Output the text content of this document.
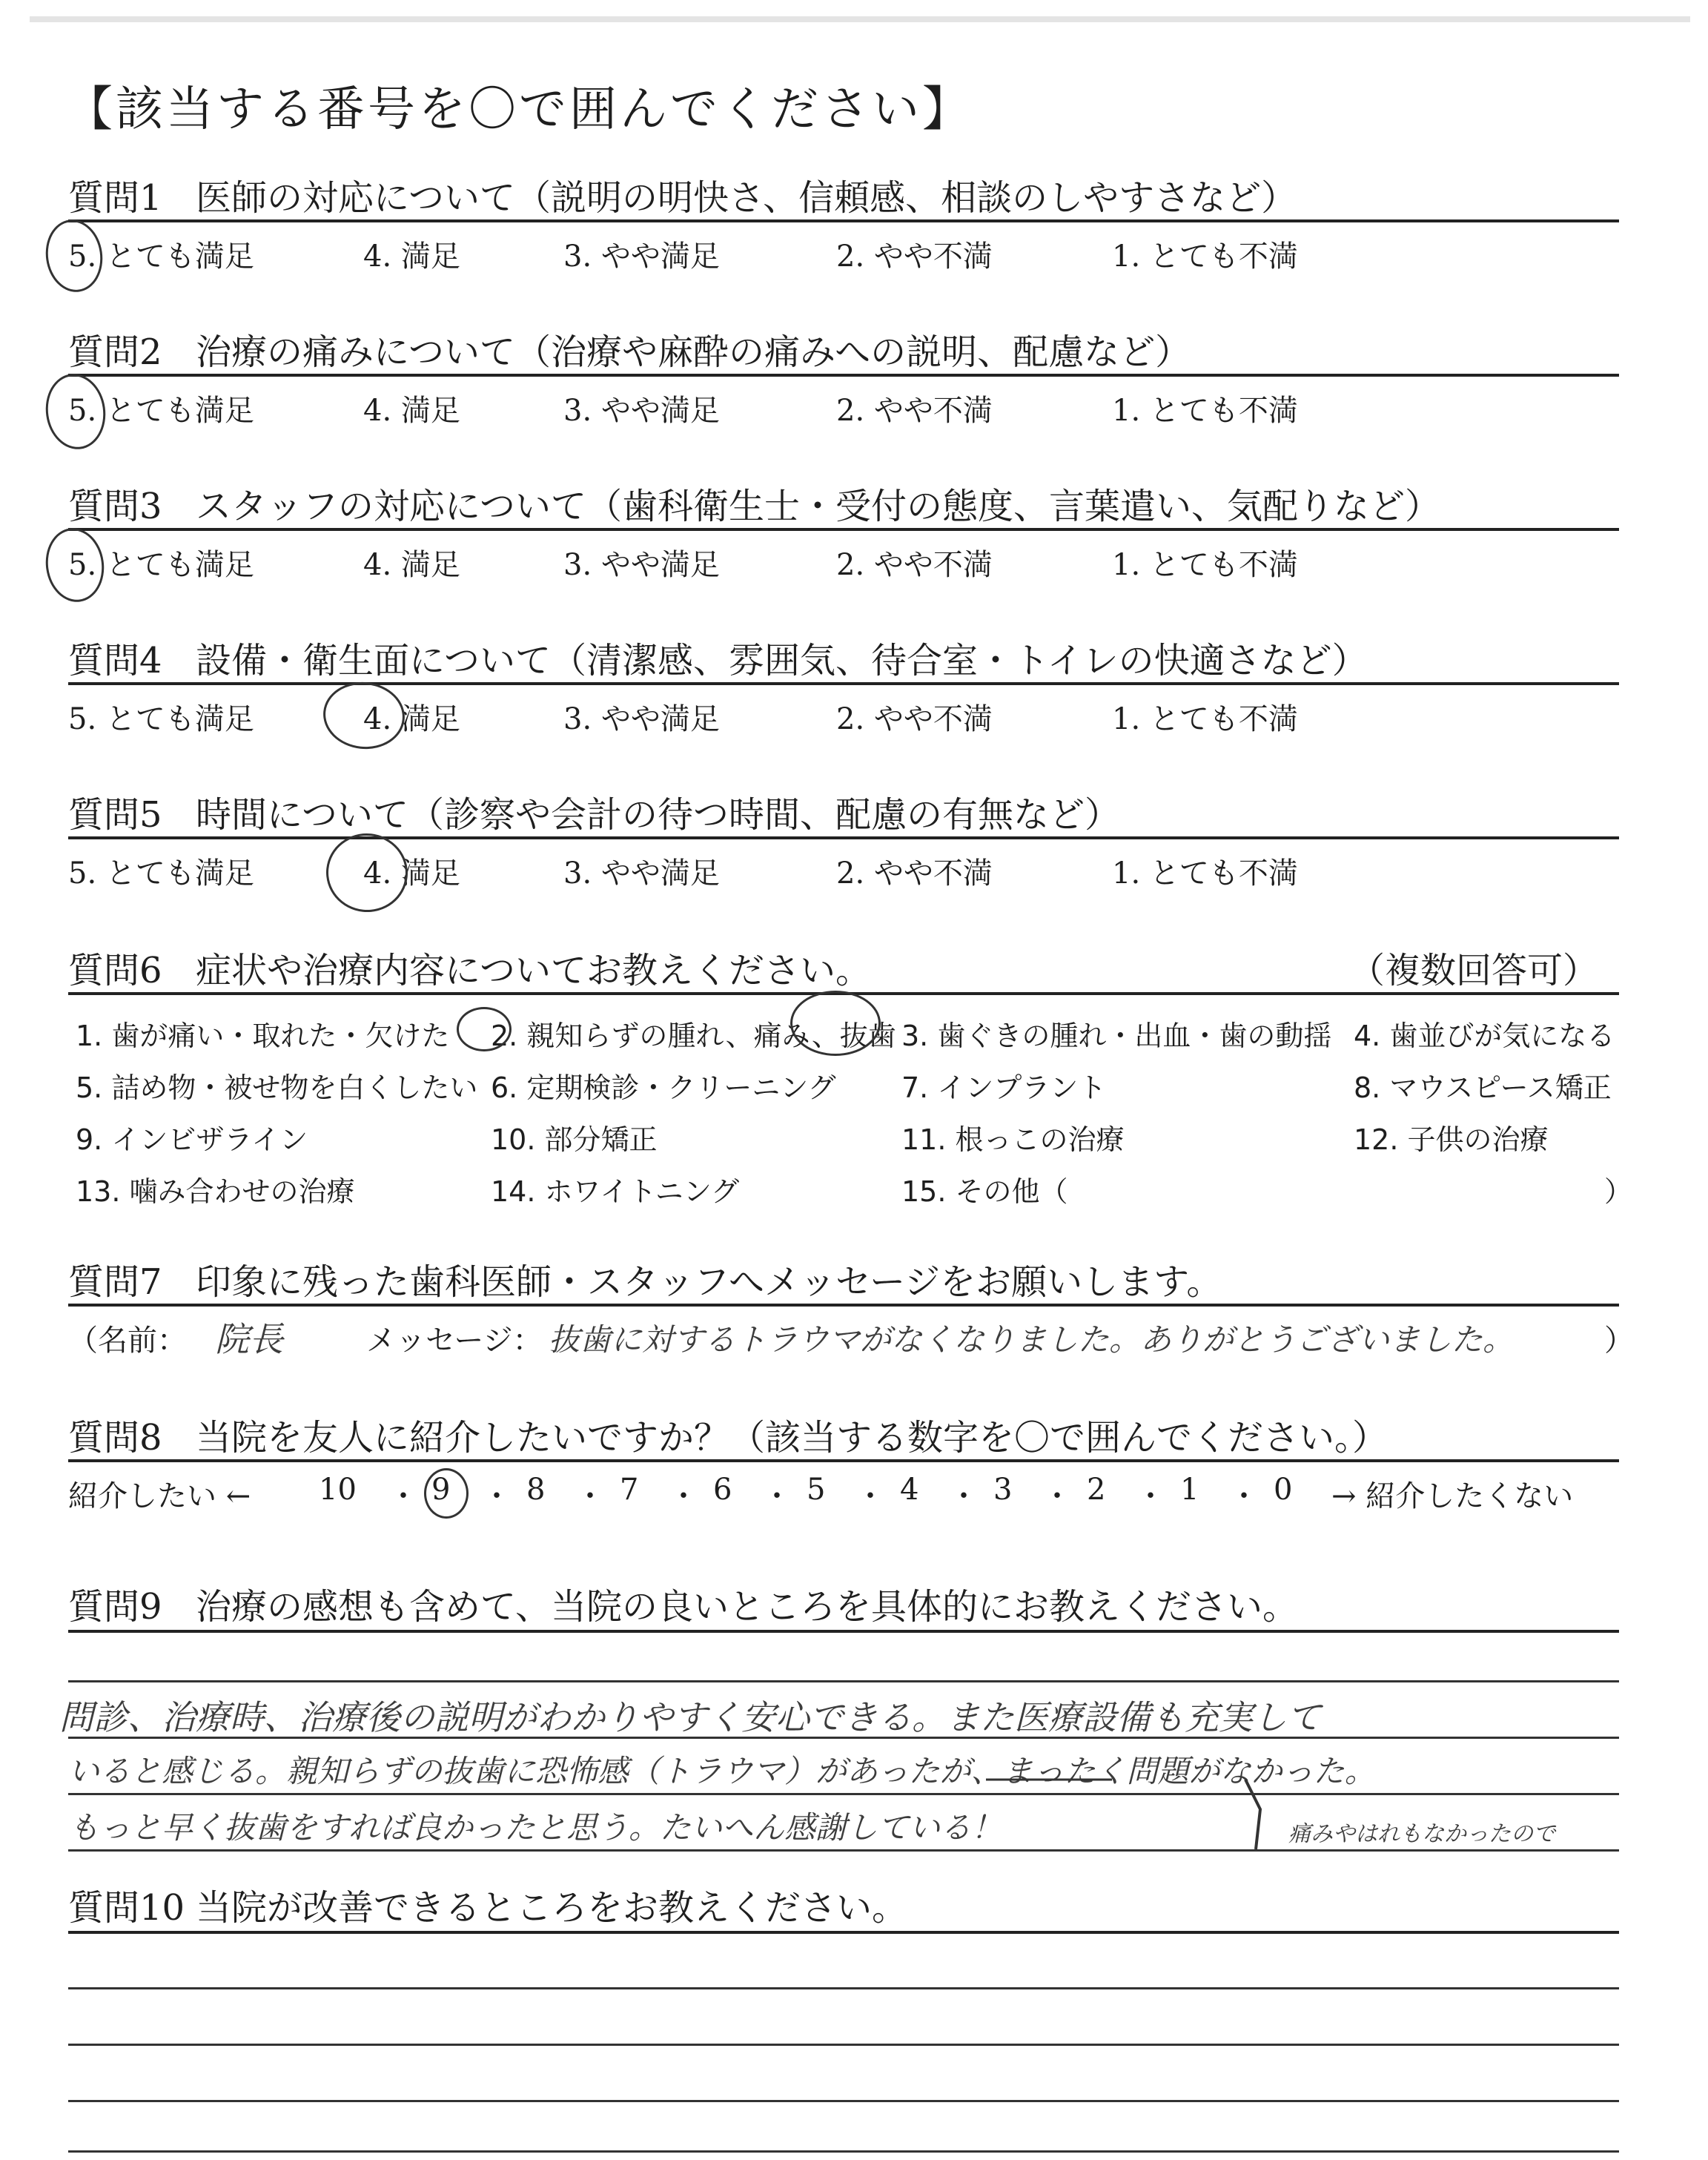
【該当する番号を〇で囲んでください】
質問1 医師の対応について（説明の明快さ、信頼感、相談のしやすさなど）
5. とても満足	4. 満足	3. やや満足	2. やや不満	1. とても不満
質問2 治療の痛みについて（治療や麻酔の痛みへの説明、配慮など）
5. とても満足	4. 満足	3. やや満足	2. やや不満	1. とても不満
質問3 スタッフの対応について（歯科衛生士・受付の態度、言葉遣い、気配りなど）
5. とても満足	4. 満足	3. やや満足	2. やや不満	1. とても不満
質問4 設備・衛生面について（清潔感、雰囲気、待合室・トイレの快適さなど）
5. とても満足	4. 満足	3. やや満足	2. やや不満	1. とても不満
質問5 時間について（診察や会計の待つ時間、配慮の有無など）
5. とても満足	4. 満足	3. やや満足	2. やや不満	1. とても不満
質問6 症状や治療内容についてお教えください。	（複数回答可）
1. 歯が痛い・取れた・欠けた 2. 親知らずの腫れ、痛み、抜歯 3. 歯ぐきの腫れ・出血・歯の動揺 4. 歯並びが気になる
5. 詰め物・被せ物を白くしたい 6. 定期検診・クリーニング 7. インプラント	8. マウスピース矯正
9. インビザライン	10. 部分矯正	11. 根っこの治療	12. 子供の治療
13. 噛み合わせの治療	14. ホワイトニング	15. その他（	）
質問7 印象に残った歯科医師・スタッフへメッセージをお願いします。
（名前： 院長	メッセージ： 抜歯に対するトラウマがなくなりました。ありがとうございました。	）
質問8 当院を友人に紹介したいですか？（該当する数字を〇で囲んでください。）
紹介したい ← 10 ・ 9 ・ 8 ・ 7 ・ 6 ・ 5 ・ 4 ・ 3 ・ 2 ・ 1 ・ 0 → 紹介したくない
質問9 治療の感想も含めて、当院の良いところを具体的にお教えください。
問診、治療時、治療後の説明がわかりやすく安心できる。また医療設備も充実して
いると感じる。親知らずの抜歯に恐怖感（トラウマ）があったが、まったく問題がなかった。
もっと早く抜歯をすれば良かったと思う。たいへん感謝している！	痛みやはれもなかったので
質問10 当院が改善できるところをお教えください。
